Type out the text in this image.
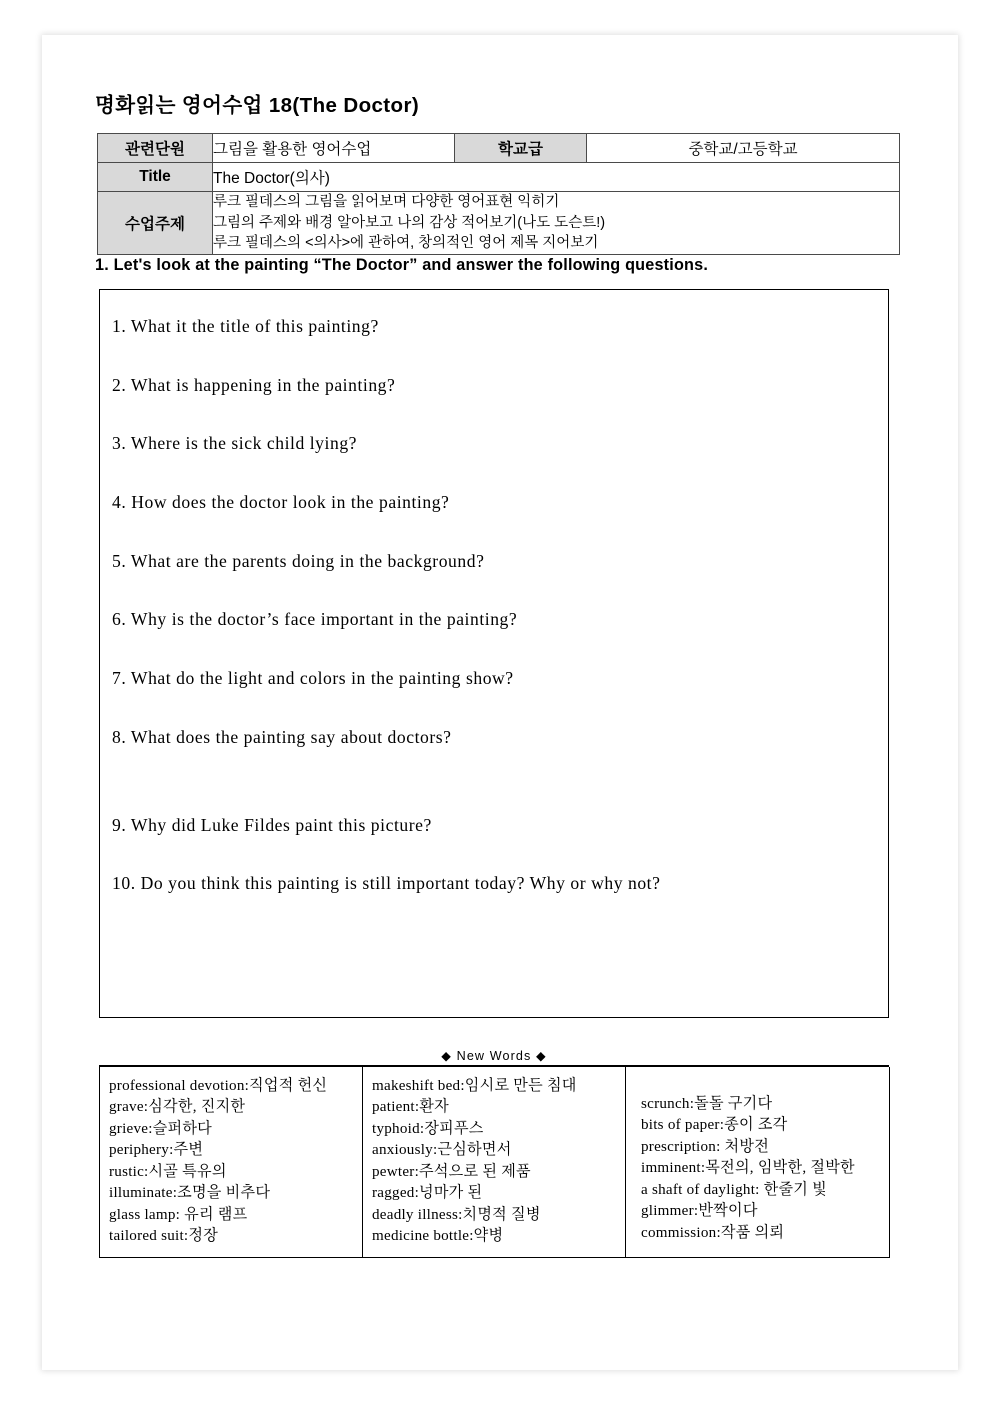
명화읽는 영어수업 18(The Doctor)
관련단원	그림을 활용한 영어수업	학교급	중학교/고등학교
Title	The Doctor(의사)		
수업주제	루크 필데스의 그림을 읽어보며 다양한 영어표현 익히기
그림의 주제와 배경 알아보고 나의 감상 적어보기(나도 도슨트!)
루크 필데스의 <의사>에 관하여, 창의적인 영어 제목 지어보기		
1. Let's look at the painting “The Doctor” and answer the following questions.
1. What it the title of this painting?
2. What is happening in the painting?
3. Where is the sick child lying?
4. How does the doctor look in the painting?
5. What are the parents doing in the background?
6. Why is the doctor’s face important in the painting?
7. What do the light and colors in the painting show?
8. What does the painting say about doctors?
9. Why did Luke Fildes paint this picture?
10. Do you think this painting is still important today? Why or why not?
◆ New Words ◆
professional devotion:직업적 헌신
grave:심각한, 진지한
grieve:슬퍼하다
periphery:주변
rustic:시골 특유의
illuminate:조명을 비추다
glass lamp: 유리 램프
tailored suit:정장

makeshift bed:임시로 만든 침대
patient:환자
typhoid:장피푸스
anxiously:근심하면서
pewter:주석으로 된 제품
ragged:넝마가 된
deadly illness:치명적 질병
medicine bottle:약병

scrunch:돌돌 구기다
bits of paper:종이 조각
prescription: 처방전
imminent:목전의, 임박한, 절박한
a shaft of daylight: 한줄기 빛
glimmer:반짝이다
commission:작품 의뢰
